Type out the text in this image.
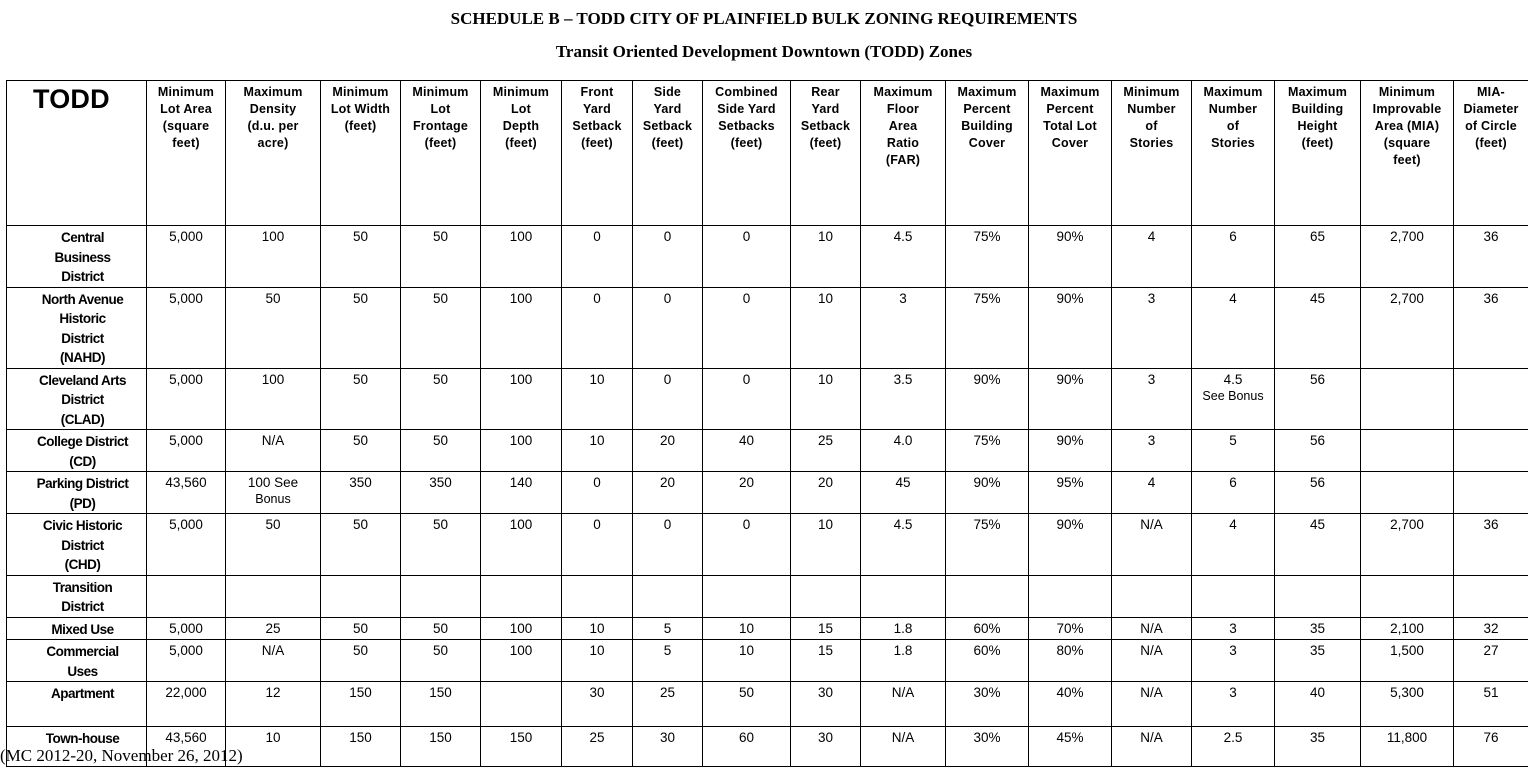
SCHEDULE B – TODD CITY OF PLAINFIELD BULK ZONING REQUIREMENTS
Transit Oriented Development Downtown (TODD) Zones
TODD	Minimum
Lot Area
(square
feet)	Maximum
Density
(d.u. per
acre)	Minimum
Lot Width
(feet)	Minimum
Lot
Frontage
(feet)	Minimum
Lot
Depth
(feet)	Front
Yard
Setback
(feet)	Side
Yard
Setback
(feet)	Combined
Side Yard
Setbacks
(feet)	Rear
Yard
Setback
(feet)	Maximum
Floor
Area
Ratio
(FAR)	Maximum
Percent
Building
Cover	Maximum
Percent
Total Lot
Cover	Minimum
Number
of
Stories	Maximum
Number
of
Stories	Maximum
Building
Height
(feet)	Minimum
Improvable
Area (MIA)
(square
feet)	MIA-
Diameter
of Circle
(feet)

Central
Business
District	5,000	100	50	50	100	0	0	0	10	4.5	75%	90%	4	6	65	2,700	36

North Avenue
Historic
District
(NAHD)	5,000	50	50	50	100	0	0	0	10	3	75%	90%	3	4	45	2,700	36

Cleveland Arts
District
(CLAD)	5,000	100	50	50	100	10	0	0	10	3.5	90%	90%	3	4.5
See Bonus	56		

College District
(CD)	5,000	N/A	50	50	100	10	20	40	25	4.0	75%	90%	3	5	56		

Parking District
(PD)	43,560	100 See
Bonus	350	350	140	0	20	20	20	45	90%	95%	4	6	56		

Civic Historic
District
(CHD)	5,000	50	50	50	100	0	0	0	10	4.5	75%	90%	N/A	4	45	2,700	36

Transition
District																	

Mixed Use	5,000	25	50	50	100	10	5	10	15	1.8	60%	70%	N/A	3	35	2,100	32

Commercial
Uses	5,000	N/A	50	50	100	10	5	10	15	1.8	60%	80%	N/A	3	35	1,500	27

Apartment	22,000	12	150	150		30	25	50	30	N/A	30%	40%	N/A	3	40	5,300	51

Town-house	43,560	10	150	150	150	25	30	60	30	N/A	30%	45%	N/A	2.5	35	11,800	76
(MC 2012-20, November 26, 2012)
